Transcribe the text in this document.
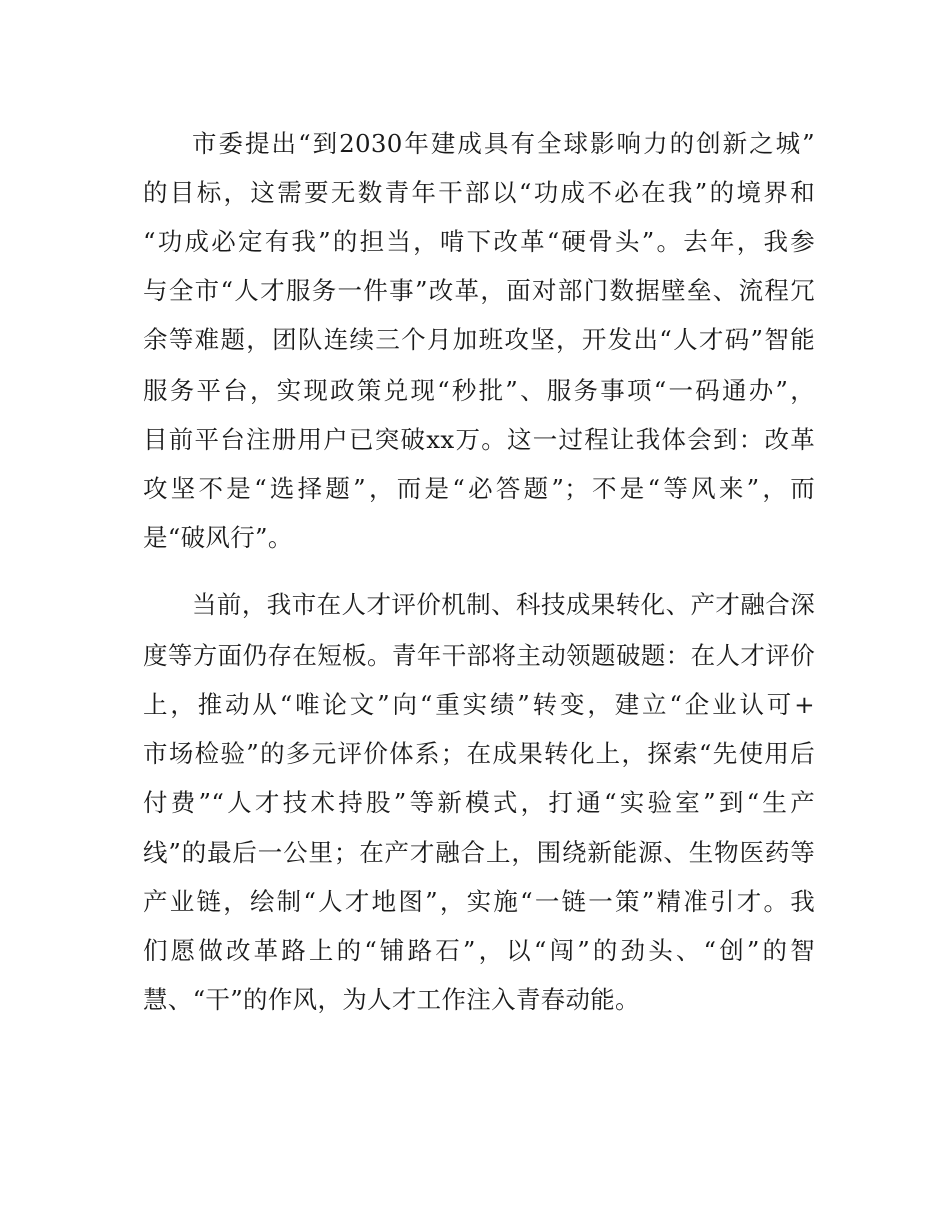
市委提出“到2030年建成具有全球影响力的创新之城”
的目标，这需要无数青年干部以“功成不必在我”的境界和
“功成必定有我”的担当，啃下改革“硬骨头”。去年，我参
与全市“人才服务一件事”改革，面对部门数据壁垒、流程冗
余等难题，团队连续三个月加班攻坚，开发出“人才码”智能
服务平台，实现政策兑现“秒批”、服务事项“一码通办”，
目前平台注册用户已突破xx万。这一过程让我体会到：改革
攻坚不是“选择题”，而是“必答题”；不是“等风来”，而
是“破风行”。
当前，我市在人才评价机制、科技成果转化、产才融合深
度等方面仍存在短板。青年干部将主动领题破题：在人才评价
上，推动从“唯论文”向“重实绩”转变，建立“企业认可+
市场检验”的多元评价体系；在成果转化上，探索“先使用后
付费”“人才技术持股”等新模式，打通“实验室”到“生产
线”的最后一公里；在产才融合上，围绕新能源、生物医药等
产业链，绘制“人才地图”，实施“一链一策”精准引才。我
们愿做改革路上的“铺路石”，以“闯”的劲头、“创”的智
慧、“干”的作风，为人才工作注入青春动能。
